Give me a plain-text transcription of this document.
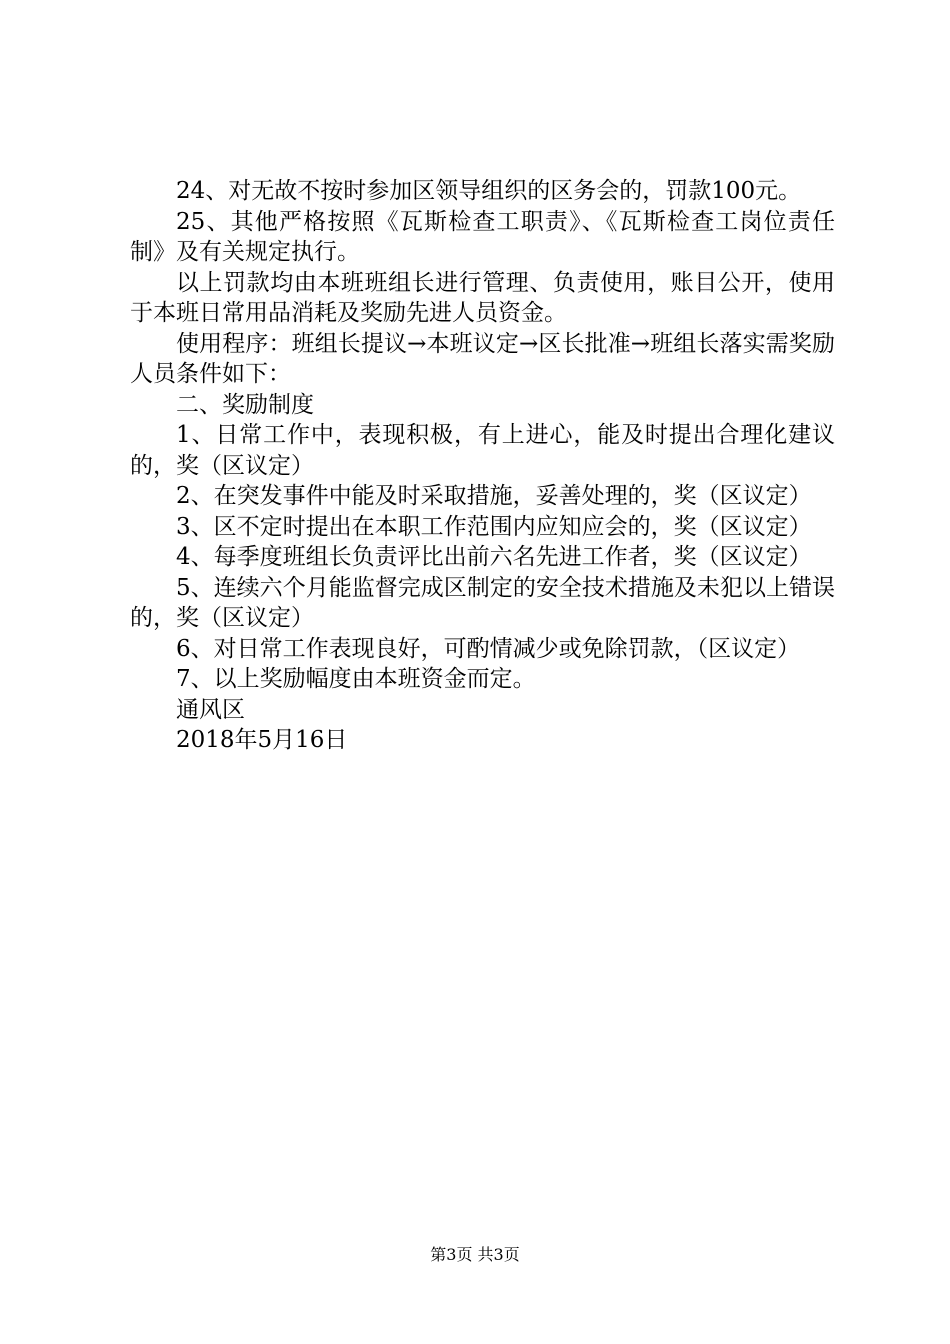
24、对无故不按时参加区领导组织的区务会的，罚款100元。

25、其他严格按照《瓦斯检查工职责》、《瓦斯检查工岗位责任制》及有关规定执行。

以上罚款均由本班班组长进行管理、负责使用，账目公开，使用于本班日常用品消耗及奖励先进人员资金。

使用程序：班组长提议→本班议定→区长批准→班组长落实需奖励人员条件如下：

二、奖励制度

1、日常工作中，表现积极，有上进心，能及时提出合理化建议的，奖（区议定）

2、在突发事件中能及时采取措施，妥善处理的，奖（区议定）

3、区不定时提出在本职工作范围内应知应会的，奖（区议定）

4、每季度班组长负责评比出前六名先进工作者，奖（区议定）

5、连续六个月能监督完成区制定的安全技术措施及未犯以上错误的，奖（区议定）

6、对日常工作表现良好，可酌情减少或免除罚款，（区议定）

7、以上奖励幅度由本班资金而定。

通风区

2018年5月16日

第3页 共3页
